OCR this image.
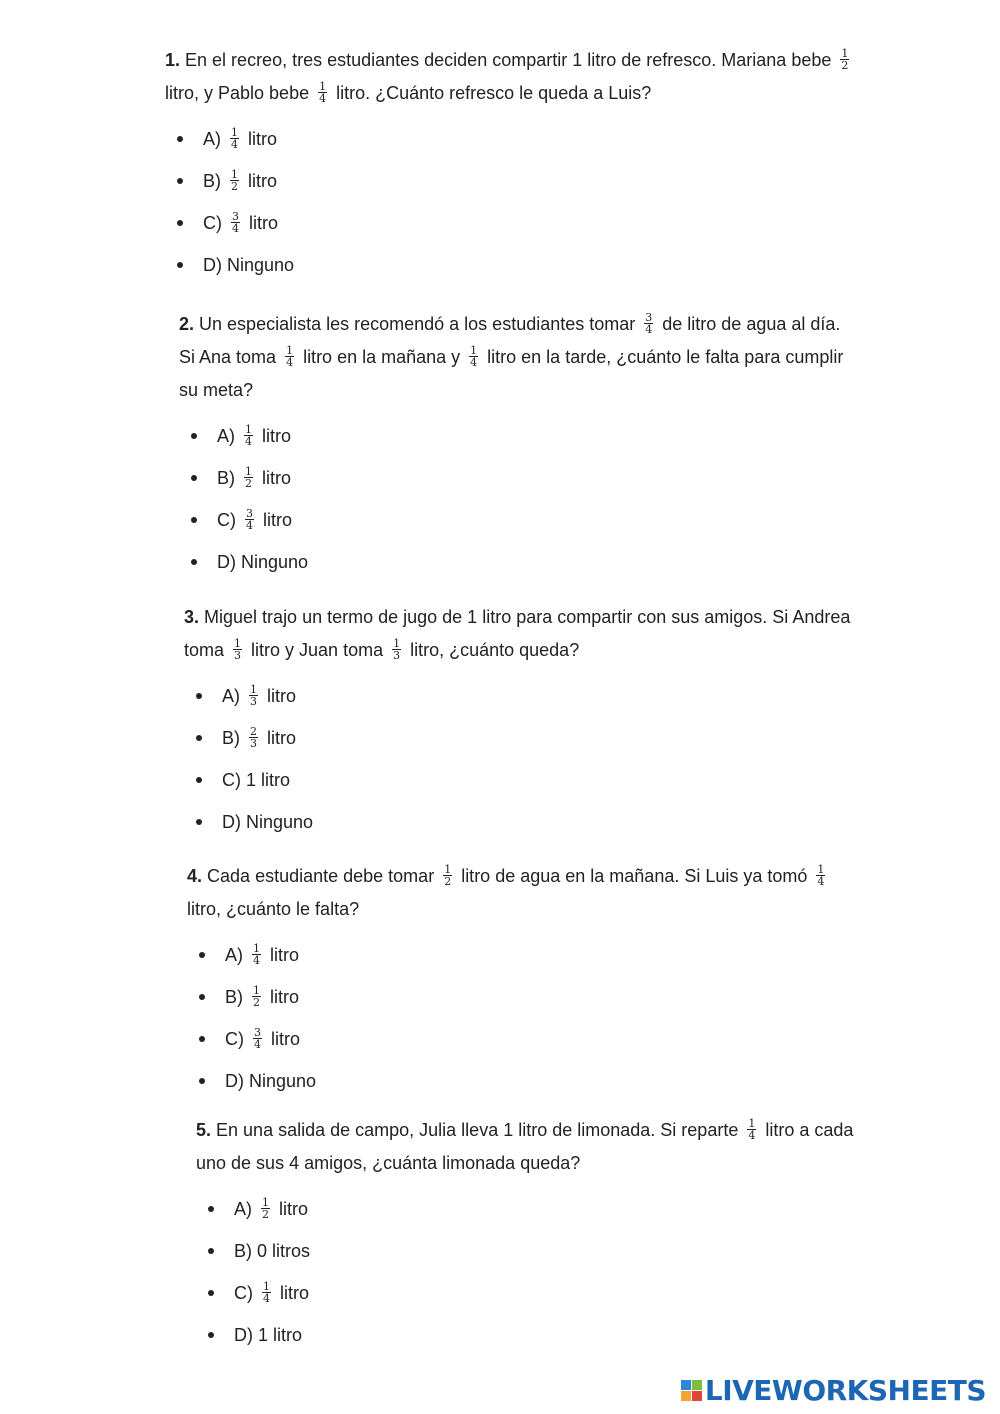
1. En el recreo, tres estudiantes deciden compartir 1 litro de refresco. Mariana bebe $\frac{1}{2}$
litro, y Pablo bebe $\frac{1}{4}$ litro. ¿Cuánto refresco le queda a Luis?

$A) \frac{1}{4}$ litro
$B) \frac{1}{2}$ litro
$C) \frac{3}{4}$ litro
D) Ninguno

2. Un especialista les recomendó a los estudiantes tomar $\frac{3}{4}$ de litro de agua al día. Si Ana toma $\frac{1}{4}$ litro en la mañana y $\frac{1}{4}$ litro en la tarde, ¿cuánto le falta para cumplir su meta?

$A) \frac{1}{4}$ litro
$B) \frac{1}{2}$ litro
$C) \frac{3}{4}$ litro
D) Ninguno

3. Miguel trajo un termo de jugo de 1 litro para compartir con sus amigos. Si Andrea toma $\frac{1}{3}$ litro y Juan toma $\frac{1}{3}$ litro, ¿cuánto queda?

$A) \frac{1}{3}$ litro
$B) \frac{2}{3}$ litro
C) 1 litro
D) Ninguno

4. Cada estudiante debe tomar $\frac{1}{2}$ litro de agua en la mañana. Si Luis ya tomó $\frac{1}{4}$
litro, ¿cuánto le falta?

$A) \frac{1}{4}$ litro
$B) \frac{1}{2}$ litro
$C) \frac{3}{4}$ litro
D) Ninguno

5. En una salida de campo, Julia lleva 1 litro de limonada. Si reparte $\frac{1}{4}$ litro a cada uno de sus 4 amigos, ¿cuánta limonada queda?

$A) \frac{1}{2}$ litro
B) 0 litros
$C) \frac{1}{4}$ litro
D) 1 litro
LIVEWORKSHEETS
